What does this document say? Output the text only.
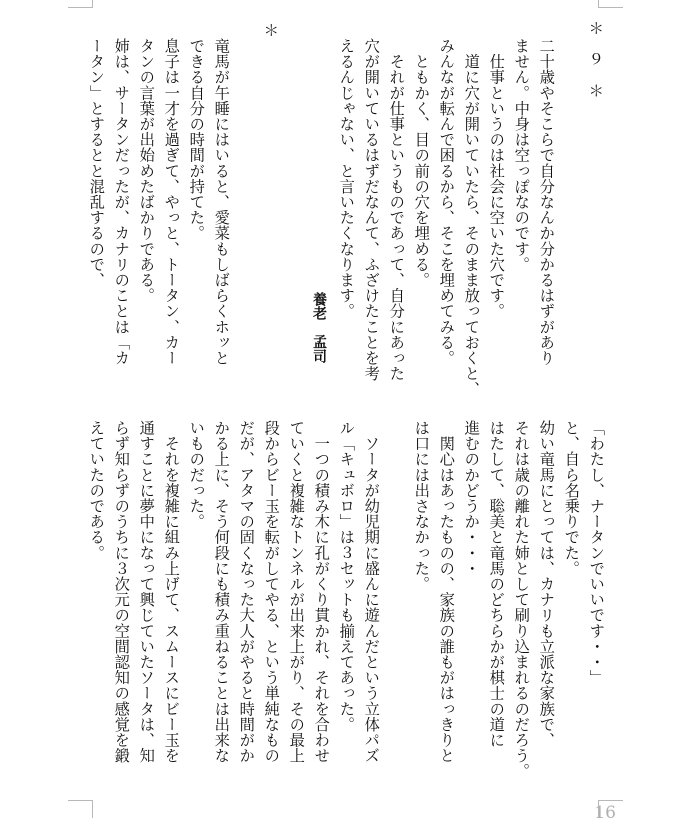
＊　９　＊
二十歳やそこらで自分なんか分かるはずがあり
ません。中身は空っぽなのです。
　仕事というのは社会に空いた穴です。
　道に穴が開いていたら、そのまま放っておくと、
みんなが転んで困るから、そこを埋めてみる。
　ともかく、目の前の穴を埋める。
　それが仕事というものであって、自分にあった
穴が開いているはずだなんて、ふざけたことを考
えるんじゃない、と言いたくなります。
養老　孟司
＊
竜馬が午睡にはいると、愛菜もしばらくホッと
できる自分の時間が持てた。
息子は一才を過ぎて、やっと、トータン、カー
タンの言葉が出始めたばかりである。
姉は、サータンだったが、カナリのことは「カ
ータン」とするとと混乱するので、
「わたし、ナータンでいいです・・」
と、自ら名乗りでた。
幼い竜馬にとっては、カナリも立派な家族で、
それは歳の離れた姉として刷り込まれるのだろう。
はたして、聡美と竜馬のどちらかが棋士の道に
進むのかどうか・・・
　関心はあったものの、家族の誰もがはっきりと
は口には出さなかった。
　ソータが幼児期に盛んに遊んだという立体パズ
ル「キュボロ」は３セットも揃えてあった。
　一つの積み木に孔がくり貫かれ、それを合わせ
ていくと複雑なトンネルが出来上がり、その最上
段からビー玉を転がしてやる、という単純なもの
だが、アタマの固くなった大人がやると時間がか
かる上に、そう何段にも積み重ねることは出来な
いものだった。
　それを複雑に組み上げて、スムースにビー玉を
通すことに夢中になって興じていたソータは、知
らず知らずのうちに３次元の空間認知の感覚を鍛
えていたのである。
16
